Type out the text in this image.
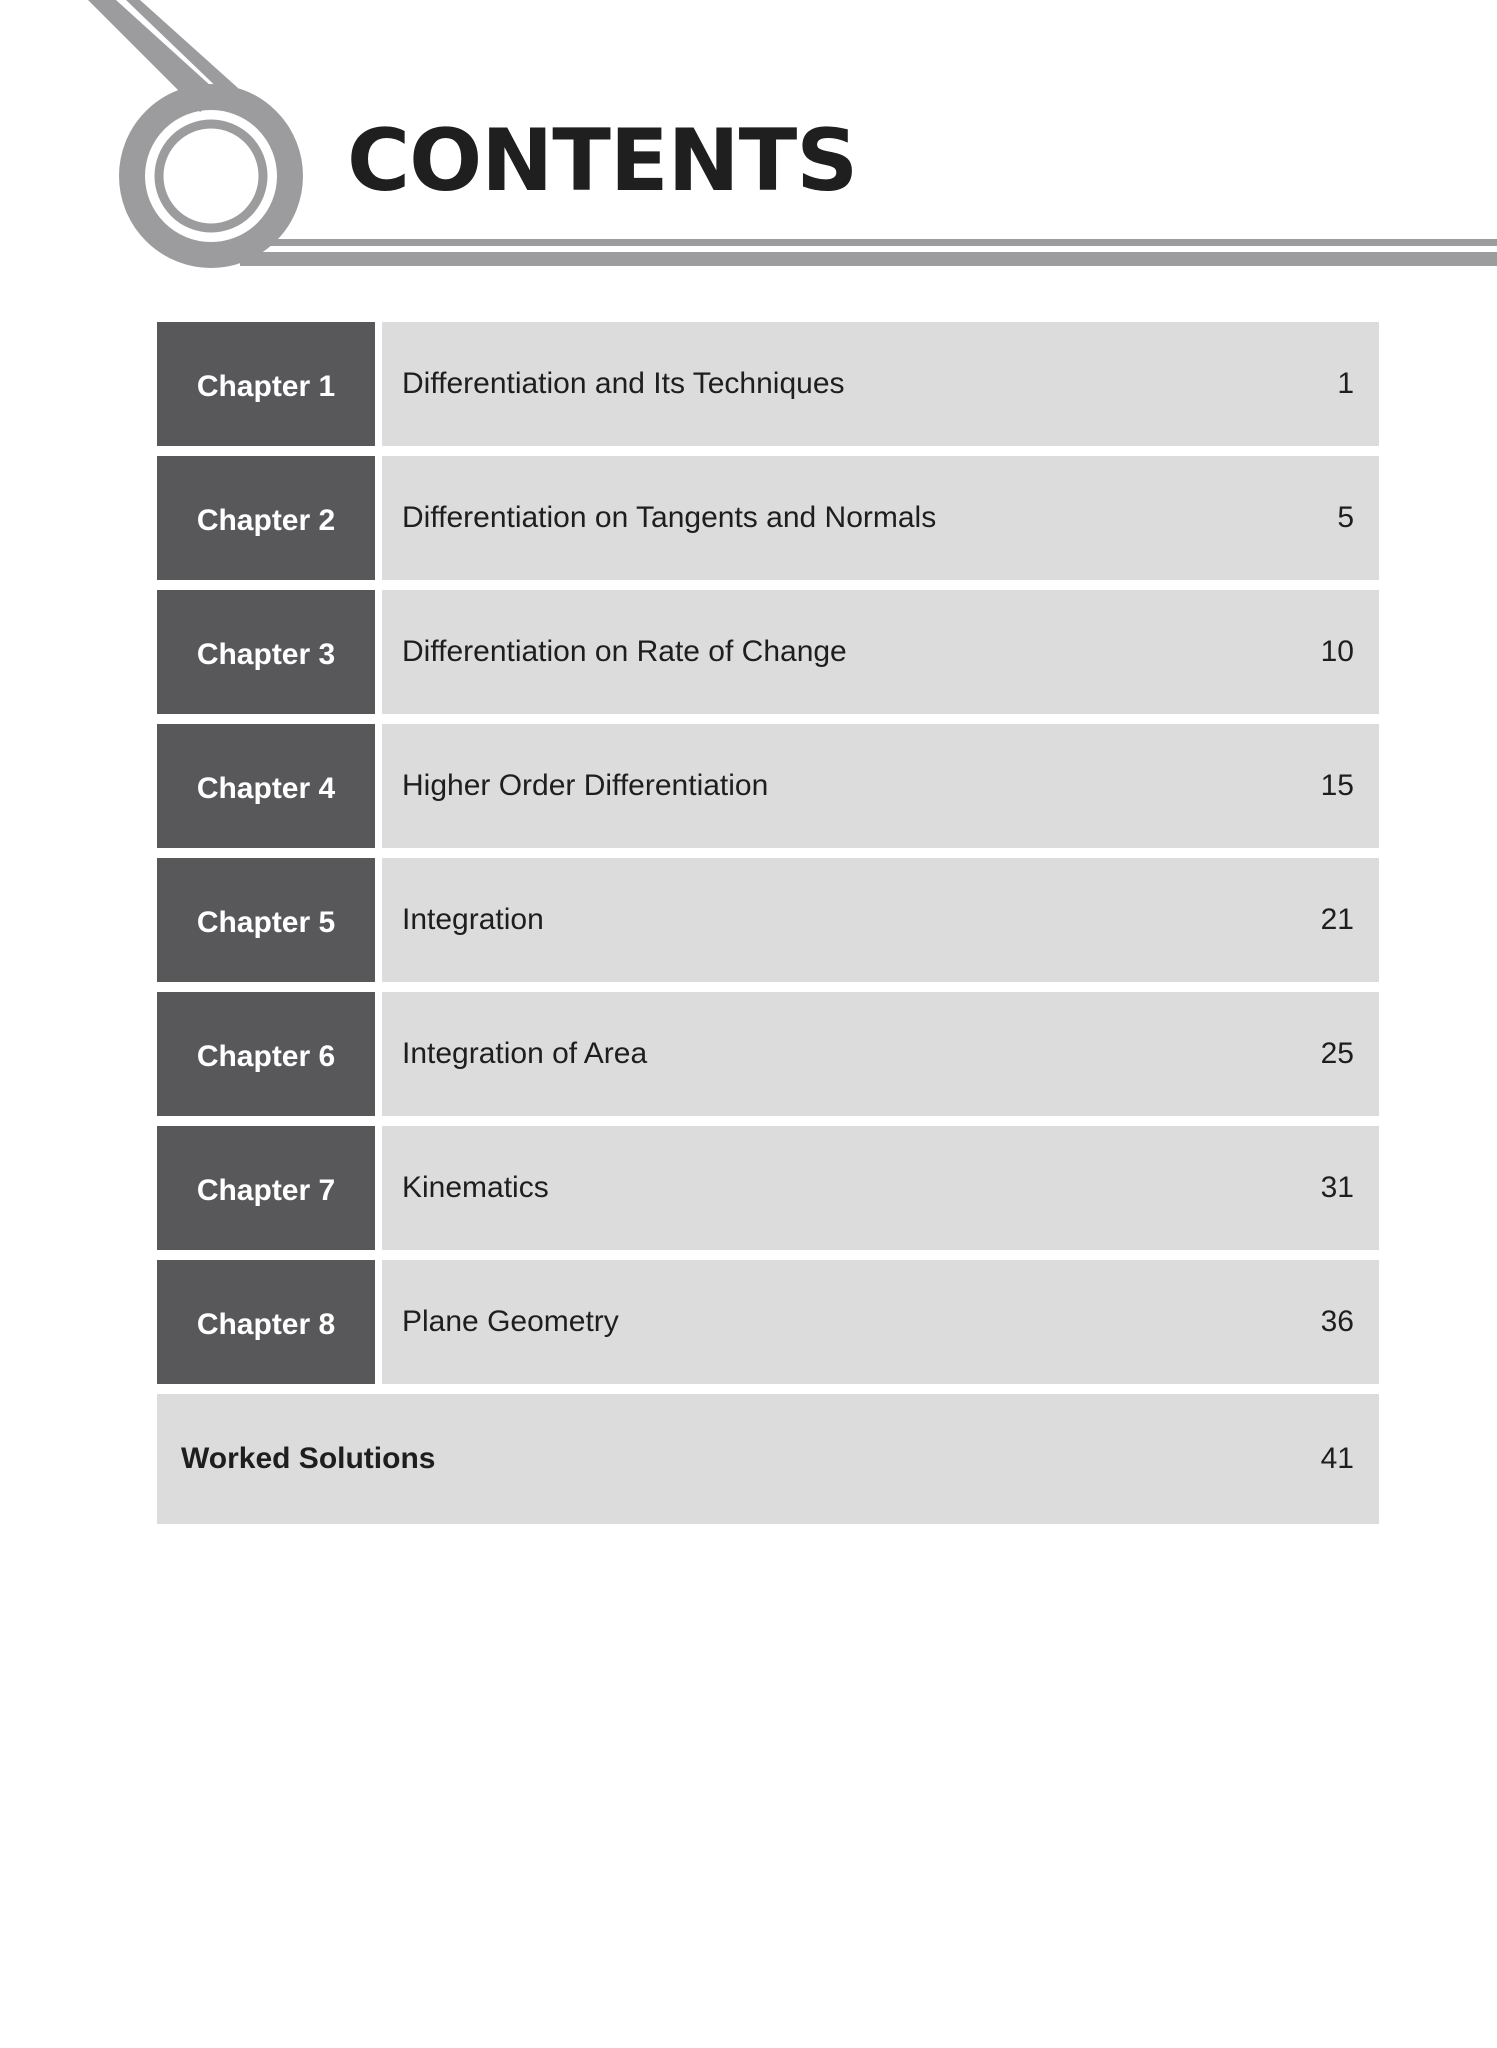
CONTENTS
Chapter 1	Differentiation and Its Techniques	1
Chapter 2	Differentiation on Tangents and Normals	5
Chapter 3	Differentiation on Rate of Change	10
Chapter 4	Higher Order Differentiation	15
Chapter 5	Integration	21
Chapter 6	Integration of Area	25
Chapter 7	Kinematics	31
Chapter 8	Plane Geometry	36
Worked Solutions	41
